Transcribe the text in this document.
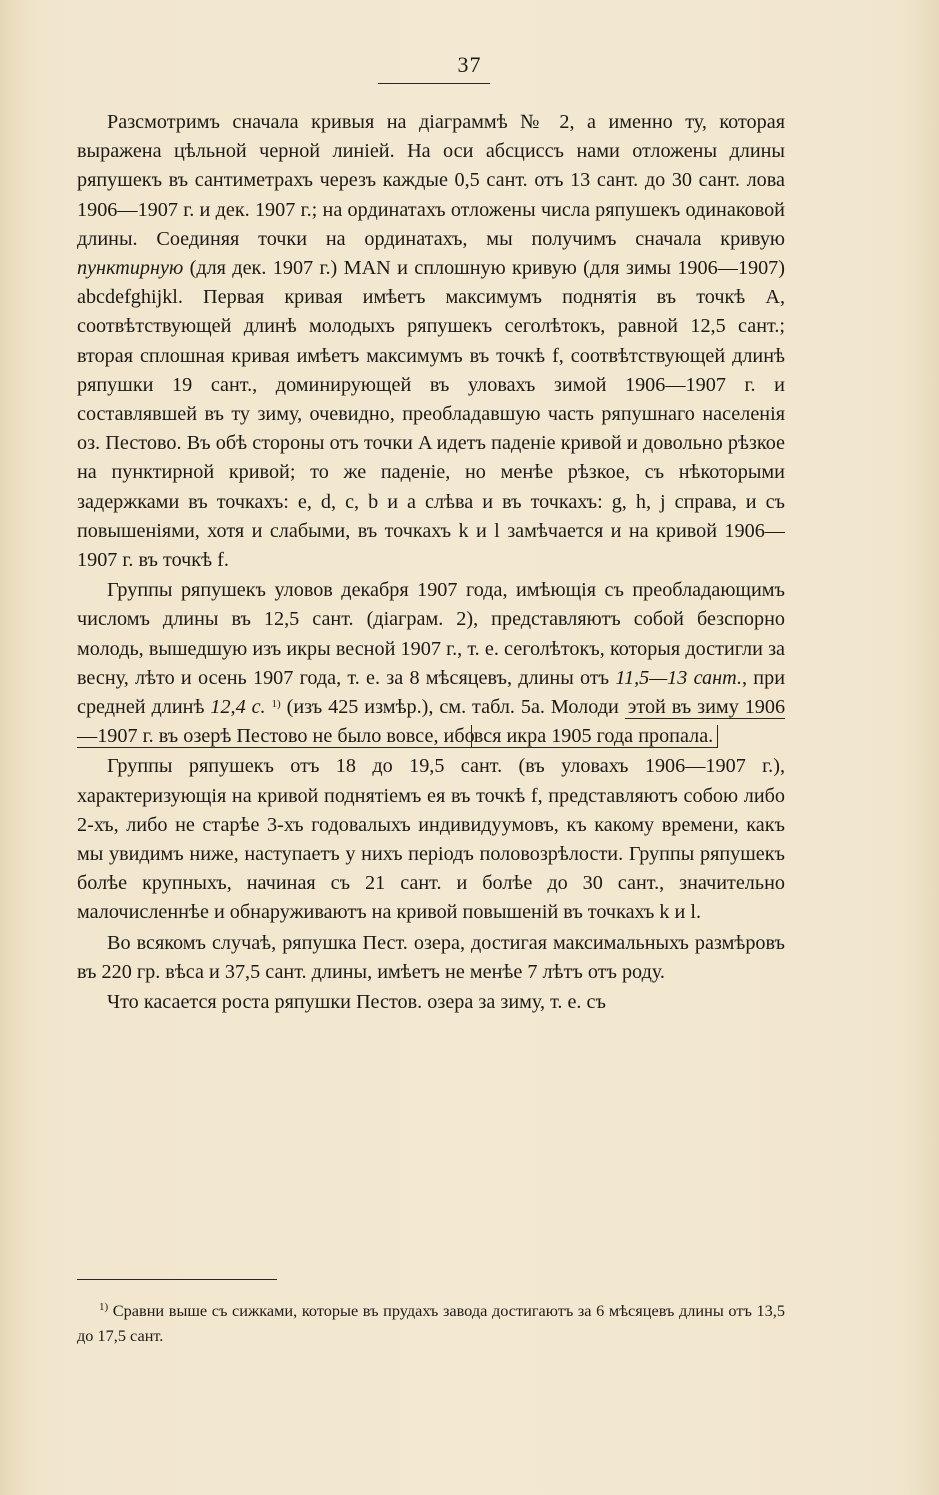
37

Разсмотримъ сначала кривыя на діаграммѣ № 2, а именно ту, которая выражена цѣльной черной линіей. На оси абсциссъ нами отложены длины ряпушекъ въ сантиметрахъ черезъ каждые 0,5 сант. отъ 13 сант. до 30 сант. лова 1906—1907 г. и дек. 1907 г.; на ординатахъ отложены числа ряпушекъ одинаковой длины. Соединяя точки на ординатахъ, мы получимъ сначала кривую пунктирную (для дек. 1907 г.) MAN и сплошную кривую (для зимы 1906—1907) abcdefghijkl. Первая кривая имѣетъ максимумъ поднятія въ точкѣ A, соотвѣтствующей длинѣ молодыхъ ряпушекъ сеголѣтокъ, равной 12,5 сант.; вторая сплошная кривая имѣетъ максимумъ въ точкѣ f, соотвѣтствующей длинѣ ряпушки 19 сант., доминирующей въ уловахъ зимой 1906—1907 г. и составлявшей въ ту зиму, очевидно, преобладавшую часть ряпушнаго населенія оз. Пестово. Въ обѣ стороны отъ точки A идетъ паденіе кривой и довольно рѣзкое на пунктирной кривой; то же паденіе, но менѣе рѣзкое, съ нѣкоторыми задержками въ точкахъ: e, d, c, b и a слѣва и въ точкахъ: g, h, j справа, и съ повышеніями, хотя и слабыми, въ точкахъ k и l замѣчается и на кривой 1906—1907 г. въ точкѣ f.

Группы ряпушекъ уловов декабря 1907 года, имѣющія съ преобладающимъ числомъ длины въ 12,5 сант. (діаграм. 2), представляютъ собой безспорно молодь, вышедшую изъ икры весной 1907 г., т. е. сеголѣтокъ, которыя достигли за весну, лѣто и осень 1907 года, т. е. за 8 мѣсяцевъ, длины отъ 11,5—13 сант., при средней длинѣ 12,4 с. $^{1)}$ (изъ 425 измѣр.), см. табл. 5а. Молоди этой въ зиму 1906—1907 г. въ озерѣ Пестово не было вовсе, ибо вся икра 1905 года пропала.

Группы ряпушекъ отъ 18 до 19,5 сант. (въ уловахъ 1906—1907 г.), характеризующія на кривой поднятіемъ ея въ точкѣ f, представляютъ собою либо 2-хъ, либо не старѣе 3-хъ годовалыхъ индивидуумовъ, къ какому времени, какъ мы увидимъ ниже, наступаетъ у нихъ періодъ половозрѣлости. Группы ряпушекъ болѣе крупныхъ, начиная съ 21 сант. и болѣе до 30 сант., значительно малочисленнѣе и обнаруживаютъ на кривой повышеній въ точкахъ k и l.

Во всякомъ случаѣ, ряпушка Пест. озера, достигая максимальныхъ размѣровъ въ 220 гр. вѣса и 37,5 сант. длины, имѣетъ не менѣе 7 лѣтъ отъ роду.

Что касается роста ряпушки Пестов. озера за зиму, т. е. съ

$^{1)}$ Сравни выше съ сижками, которые въ прудахъ завода достигаютъ за 6 мѣсяцевъ длины отъ 13,5 до 17,5 сант.
